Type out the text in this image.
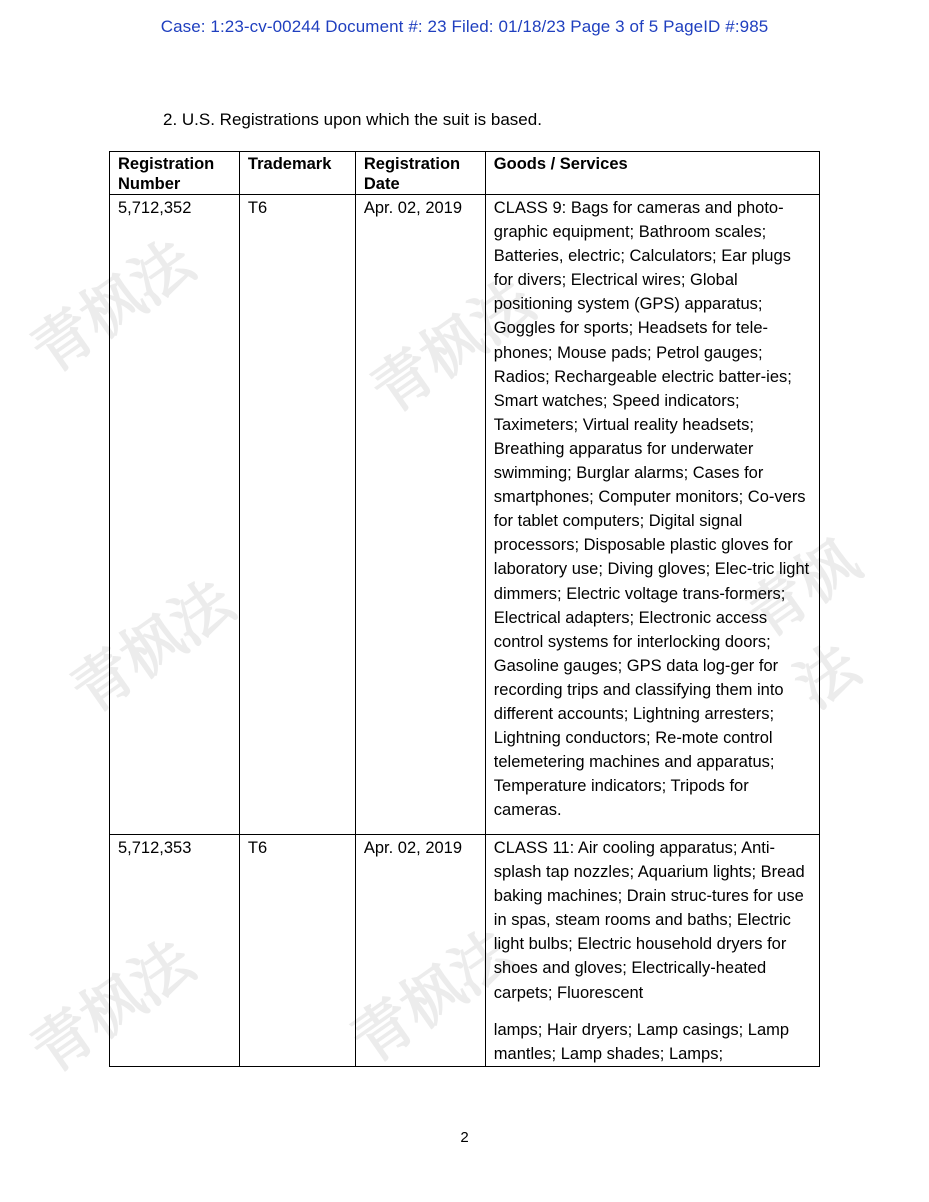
Case: 1:23-cv-00244 Document #: 23 Filed: 01/18/23 Page 3 of 5 PageID #:985
青枫法	青枫法
青枫法	青枫法
青枫法
青枫法
2. U.S. Registrations upon which the suit is based.
Registration Number	Trademark	Registration Date	Goods / Services
5,712,352	T6	Apr. 02, 2019	CLASS 9: Bags for cameras and photo-graphic equipment; Bathroom scales; Batteries, electric; Calculators; Ear plugs for divers; Electrical wires; Global positioning system (GPS) apparatus; Goggles for sports; Headsets for tele-phones; Mouse pads; Petrol gauges; Radios; Rechargeable electric batter-ies; Smart watches; Speed indicators; Taximeters; Virtual reality headsets; Breathing apparatus for underwater swimming; Burglar alarms; Cases for smartphones; Computer monitors; Co-vers for tablet computers; Digital signal processors; Disposable plastic gloves for laboratory use; Diving gloves; Elec-tric light dimmers; Electric voltage trans-formers; Electrical adapters; Electronic access control systems for interlocking doors; Gasoline gauges; GPS data log-ger for recording trips and classifying them into different accounts; Lightning arresters; Lightning conductors; Re-mote control telemetering machines and apparatus; Temperature indicators; Tripods for cameras.

5,712,353	T6	Apr. 02, 2019	CLASS 11: Air cooling apparatus; Anti-splash tap nozzles; Aquarium lights; Bread baking machines; Drain struc-tures for use in spas, steam rooms and baths; Electric light bulbs; Electric household dryers for shoes and gloves; Electrically-heated carpets; Fluorescent

lamps; Hair dryers; Lamp casings; Lamp mantles; Lamp shades; Lamps;

2
